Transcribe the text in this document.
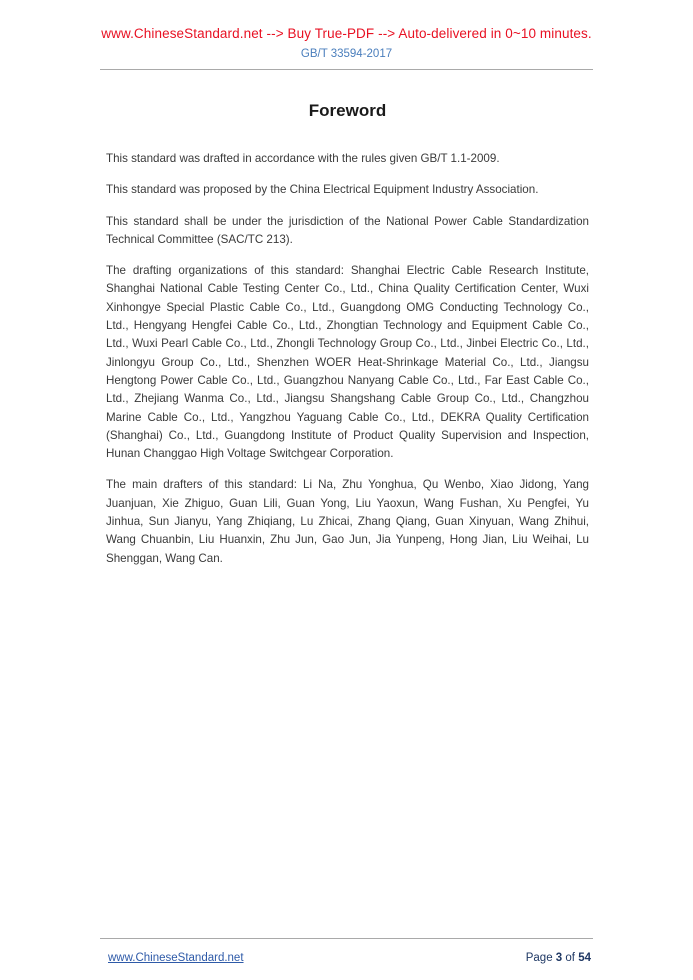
www.ChineseStandard.net --> Buy True-PDF --> Auto-delivered in 0~10 minutes.
GB/T 33594-2017
Foreword

This standard was drafted in accordance with the rules given GB/T 1.1-2009.

This standard was proposed by the China Electrical Equipment Industry Association.

This standard shall be under the jurisdiction of the National Power Cable Standardization Technical Committee (SAC/TC 213).

The drafting organizations of this standard: Shanghai Electric Cable Research Institute, Shanghai National Cable Testing Center Co., Ltd., China Quality Certification Center, Wuxi Xinhongye Special Plastic Cable Co., Ltd., Guangdong OMG Conducting Technology Co., Ltd., Hengyang Hengfei Cable Co., Ltd., Zhongtian Technology and Equipment Cable Co., Ltd., Wuxi Pearl Cable Co., Ltd., Zhongli Technology Group Co., Ltd., Jinbei Electric Co., Ltd., Jinlongyu Group Co., Ltd., Shenzhen WOER Heat-Shrinkage Material Co., Ltd., Jiangsu Hengtong Power Cable Co., Ltd., Guangzhou Nanyang Cable Co., Ltd., Far East Cable Co., Ltd., Zhejiang Wanma Co., Ltd., Jiangsu Shangshang Cable Group Co., Ltd., Changzhou Marine Cable Co., Ltd., Yangzhou Yaguang Cable Co., Ltd., DEKRA Quality Certification (Shanghai) Co., Ltd., Guangdong Institute of Product Quality Supervision and Inspection, Hunan Changgao High Voltage Switchgear Corporation.

The main drafters of this standard: Li Na, Zhu Yonghua, Qu Wenbo, Xiao Jidong, Yang Juanjuan, Xie Zhiguo, Guan Lili, Guan Yong, Liu Yaoxun, Wang Fushan, Xu Pengfei, Yu Jinhua, Sun Jianyu, Yang Zhiqiang, Lu Zhicai, Zhang Qiang, Guan Xinyuan, Wang Zhihui, Wang Chuanbin, Liu Huanxin, Zhu Jun, Gao Jun, Jia Yunpeng, Hong Jian, Liu Weihai, Lu Shenggan, Wang Can.

www.ChineseStandard.net	Page 3 of 54
